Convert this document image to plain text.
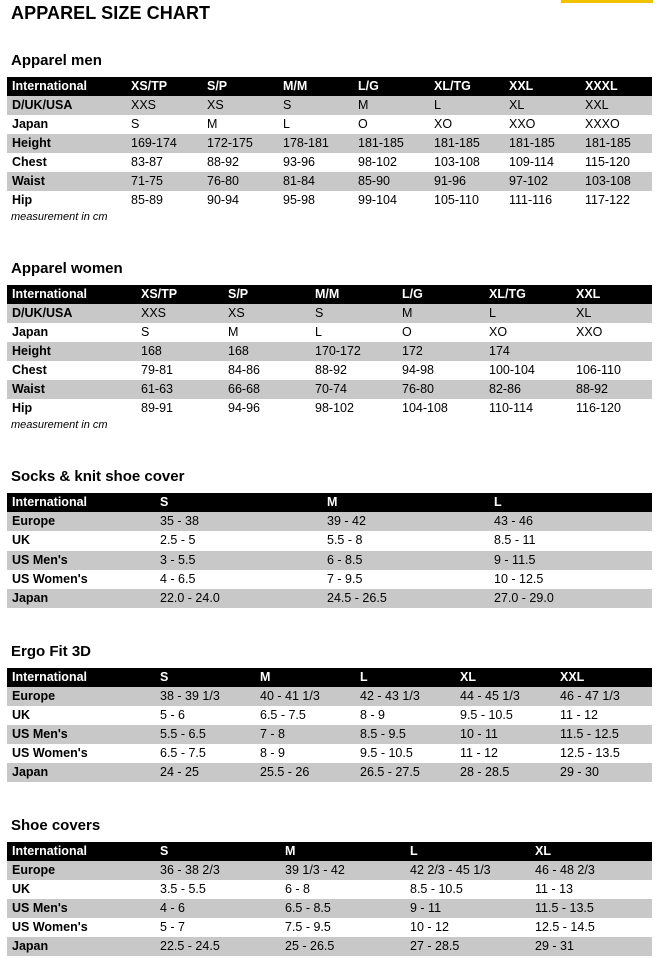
APPAREL SIZE CHART
Apparel men
International	XS/TP	S/P	M/M	L/G	XL/TG	XXL	XXXL
D/UK/USA	XXS	XS	S	M	L	XL	XXL
Japan	S	M	L	O	XO	XXO	XXXO
Height	169-174 172-175 178-181 181-185 181-185 181-185 181-185
Chest	83-87	88-92	93-96	98-102	103-108 109-114 115-120
Waist	71-75	76-80	81-84	85-90	91-96	97-102	103-108
Hip	85-89	90-94	95-98	99-104	105-110 111-116	117-122
measurement in cm
Apparel women
International	XS/TP	S/P	M/M	L/G	XL/TG	XXL
D/UK/USA	XXS	XS	S	M	L	XL
Japan	S	M	L	O	XO	XXO
Height	168	168	170-172	172	174
Chest	79-81	84-86	88-92	94-98	100-104	106-110
Waist	61-63	66-68	70-74	76-80	82-86	88-92
Hip	89-91	94-96	98-102	104-108	110-114	116-120
measurement in cm
Socks & knit shoe cover
International	S	M	L
Europe	35 - 38	39 - 42	43 - 46
UK	2.5 - 5	5.5 - 8	8.5 - 11
US Men's	3 - 5.5	6 - 8.5	9 - 11.5
US Women's	4 - 6.5	7 - 9.5	10 - 12.5
Japan	22.0 - 24.0	24.5 - 26.5	27.0 - 29.0
Ergo Fit 3D
International	S	M	L	XL	XXL
Europe	38 - 39 1/3	40 - 41 1/3	42 - 43 1/3	44 - 45 1/3	46 - 47 1/3
UK	5 - 6	6.5 - 7.5	8 - 9	9.5 - 10.5	11 - 12
US Men's	5.5 - 6.5	7 - 8	8.5 - 9.5	10 - 11	11.5 - 12.5
US Women's	6.5 - 7.5	8 - 9	9.5 - 10.5	11 - 12	12.5 - 13.5
Japan	24 - 25	25.5 - 26	26.5 - 27.5	28 - 28.5	29 - 30
Shoe covers
International	S	M	L	XL
Europe	36 - 38 2/3	39 1/3 - 42	42 2/3 - 45 1/3	46 - 48 2/3
UK	3.5 - 5.5	6 - 8	8.5 - 10.5	11 - 13
US Men's	4 - 6	6.5 - 8.5	9 - 11	11.5 - 13.5
US Women's	5 - 7	7.5 - 9.5	10 - 12	12.5 - 14.5
Japan	22.5 - 24.5	25 - 26.5	27 - 28.5	29 - 31
